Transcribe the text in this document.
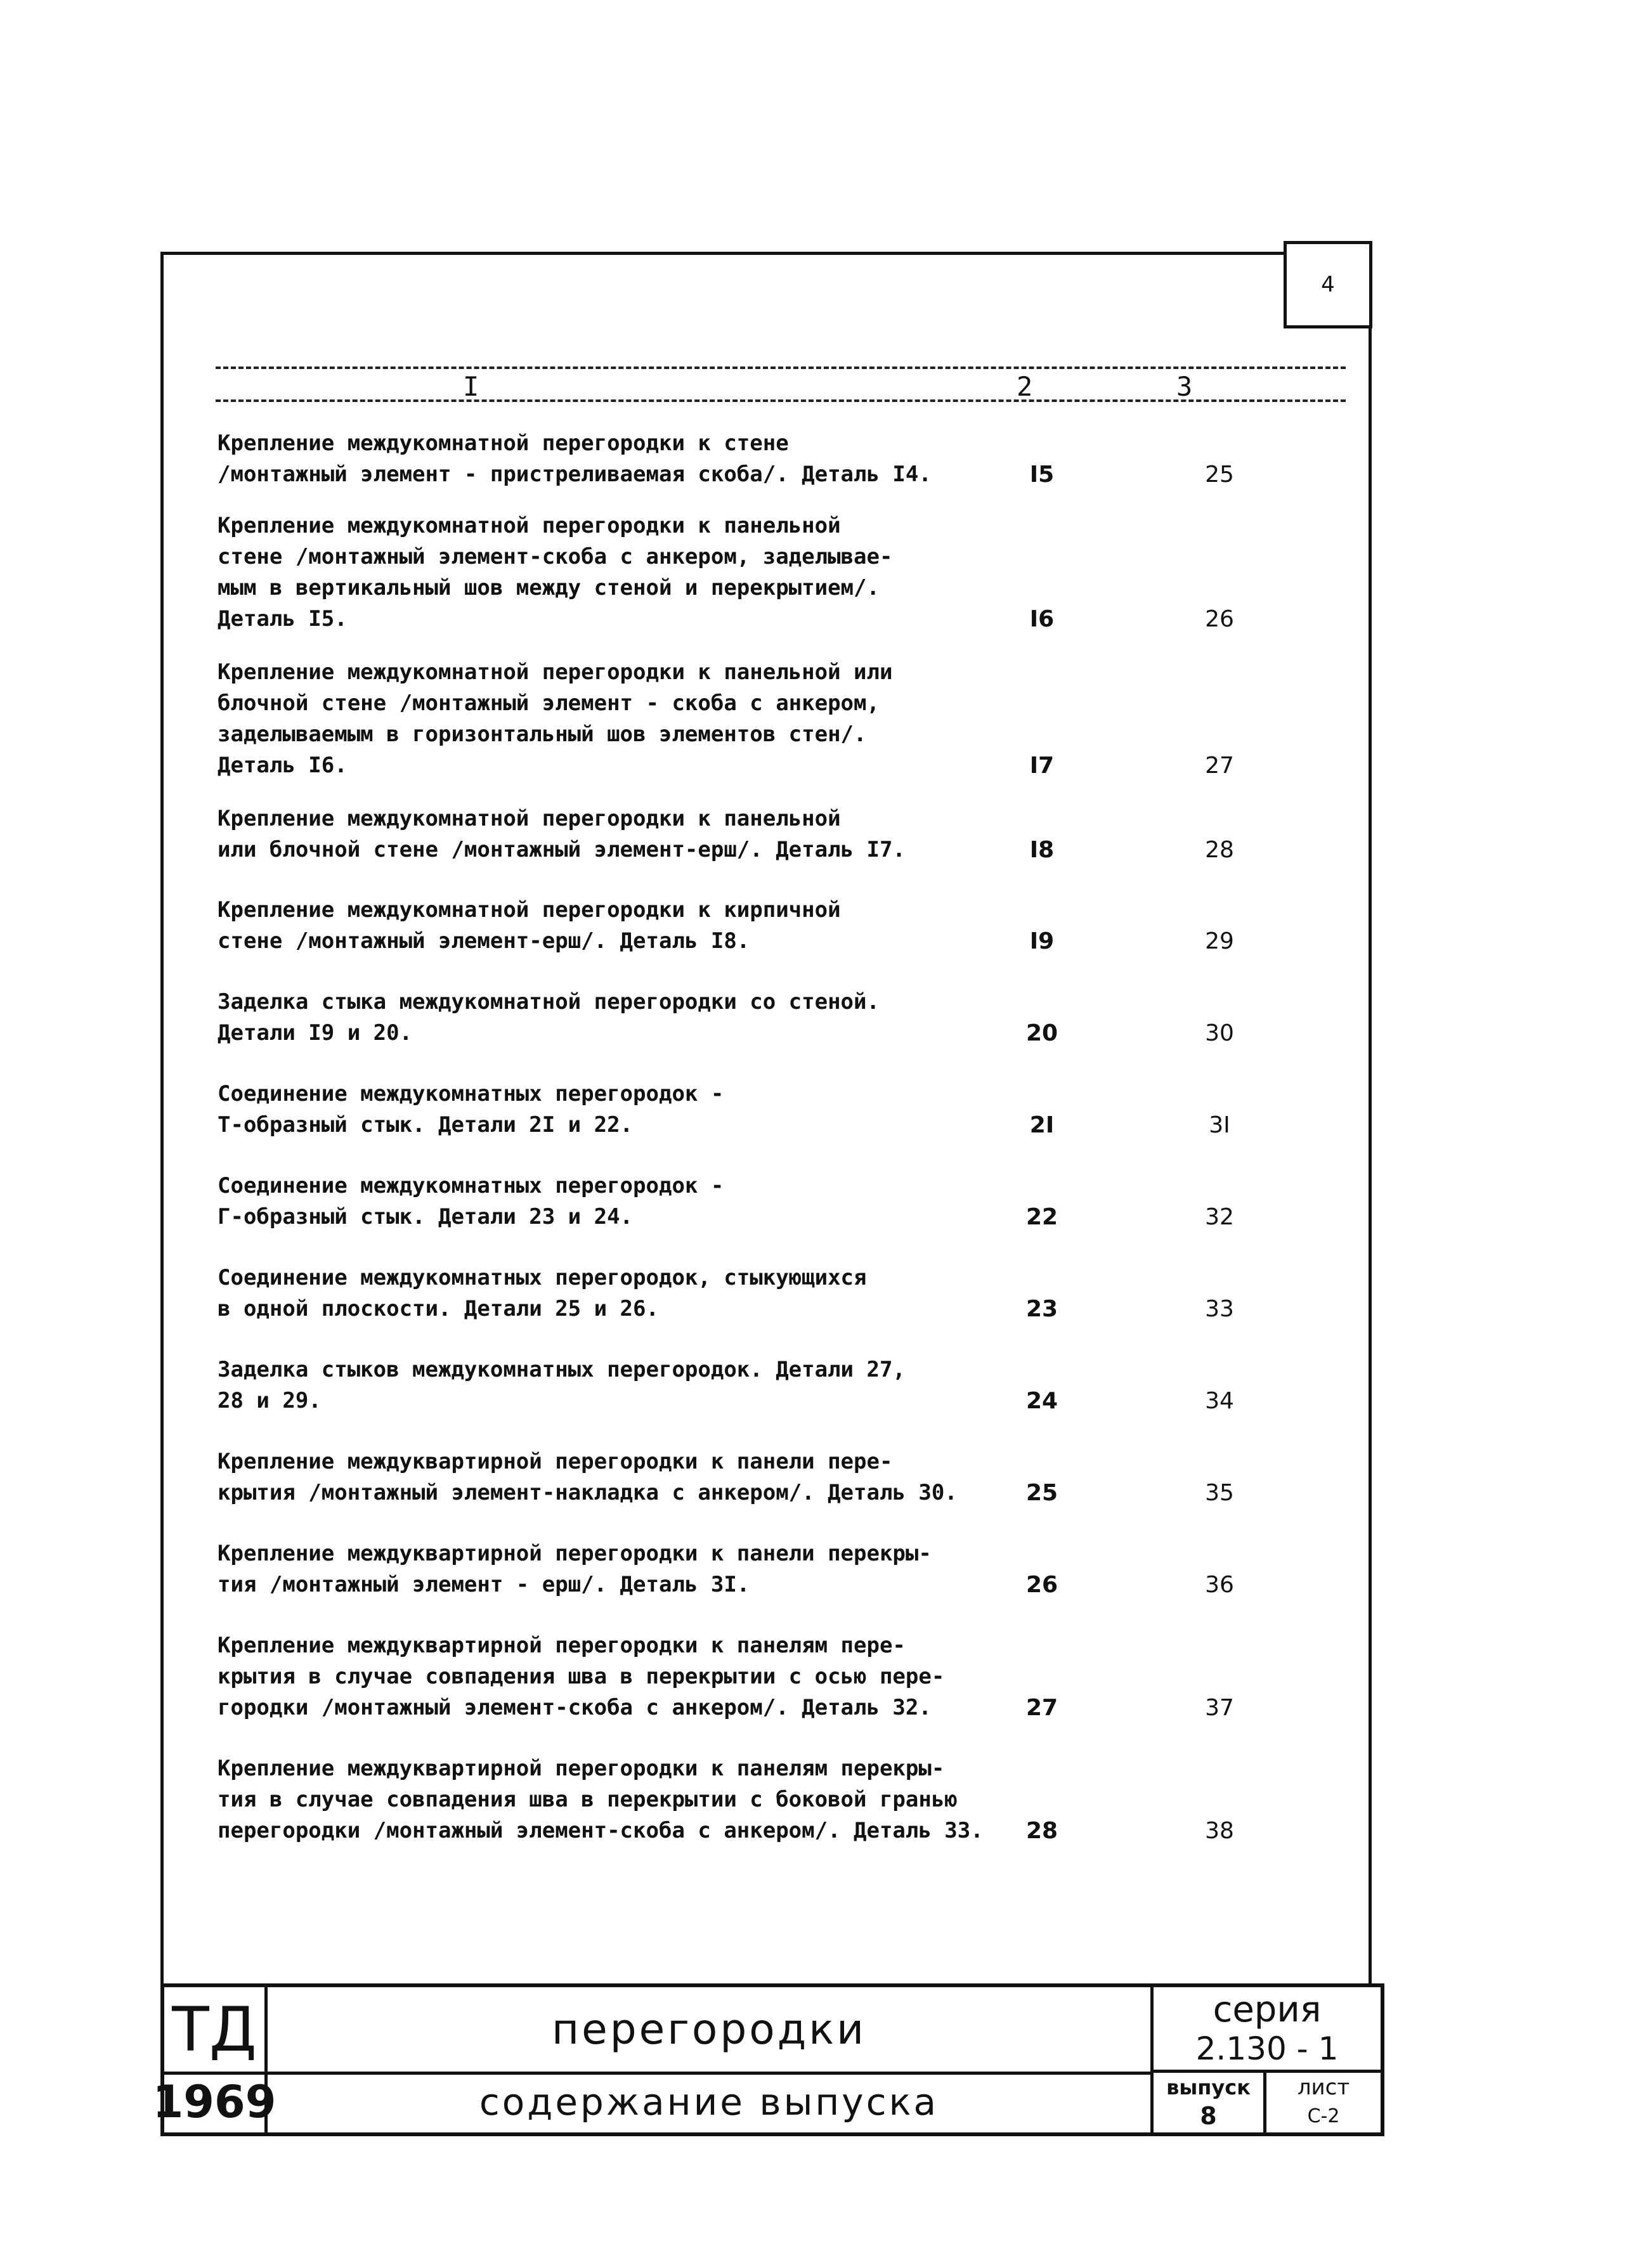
4
I	2	3
Крепление междукомнатной перегородки к стене
/монтажный элемент - пристреливаемая скоба/. Деталь I4.	I5	25
Крепление междукомнатной перегородки к панельной
стене /монтажный элемент-скоба с анкером, заделывае-
мым в вертикальный шов между стеной и перекрытием/.
Деталь I5.	I6	26
Крепление междукомнатной перегородки к панельной или
блочной стене /монтажный элемент - скоба с анкером,
заделываемым в горизонтальный шов элементов стен/.
Деталь I6.	I7	27
Крепление междукомнатной перегородки к панельной
или блочной стене /монтажный элемент-ерш/. Деталь I7.	I8	28
Крепление междукомнатной перегородки к кирпичной
стене /монтажный элемент-ерш/. Деталь I8.	I9	29
Заделка стыка междукомнатной перегородки со стеной.
Детали I9 и 20.	20	30
Соединение междукомнатных перегородок -
Т-образный стык. Детали 2I и 22.	2I	3I
Соединение междукомнатных перегородок -
Г-образный стык. Детали 23 и 24.	22	32
Соединение междукомнатных перегородок, стыкующихся
в одной плоскости. Детали 25 и 26.	23	33
Заделка стыков междукомнатных перегородок. Детали 27,
28 и 29.	24	34
Крепление междуквартирной перегородки к панели пере-
крытия /монтажный элемент-накладка с анкером/. Деталь 30.	25	35
Крепление междуквартирной перегородки к панели перекры-
тия /монтажный элемент - ерш/. Деталь 3I.	26	36
Крепление междуквартирной перегородки к панелям пере-
крытия в случае совпадения шва в перекрытии с осью пере-
городки /монтажный элемент-скоба с анкером/. Деталь 32.	27	37
Крепление междуквартирной перегородки к панелям перекры-
тия в случае совпадения шва в перекрытии с боковой гранью
перегородки /монтажный элемент-скоба с анкером/. Деталь 33.	28	38
ТД
1969
перегородки
содержание выпуска
серия
2.130 - 1
выпуск
8
лист
С-2
